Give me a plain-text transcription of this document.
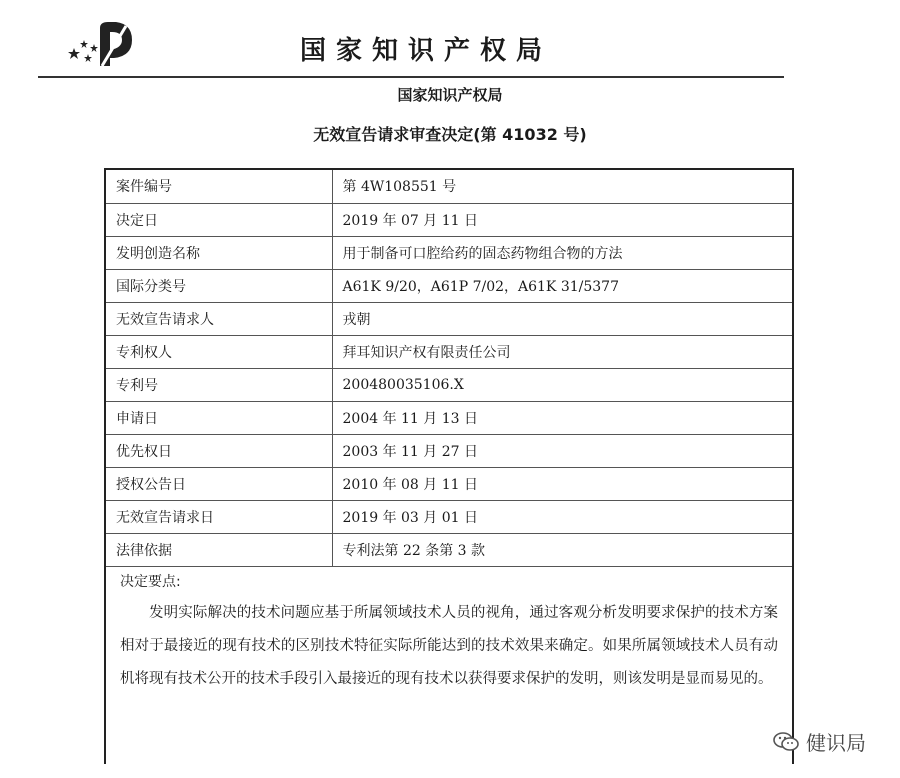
国家知识产权局
国家知识产权局
无效宣告请求审查决定(第 41032 号)
案件编号	第 4W108551 号
决定日	2019 年 07 月 11 日
发明创造名称	用于制备可口腔给药的固态药物组合物的方法
国际分类号	A61K 9/20，A61P 7/02，A61K 31/5377
无效宣告请求人	戎朝
专利权人	拜耳知识产权有限责任公司
专利号	200480035106.X
申请日	2004 年 11 月 13 日
优先权日	2003 年 11 月 27 日
授权公告日	2010 年 08 月 11 日
无效宣告请求日	2019 年 03 月 01 日
法律依据	专利法第 22 条第 3 款
决定要点:
发明实际解决的技术问题应基于所属领域技术人员的视角，通过客观分析发明要求保护的技术方案相对于最接近的现有技术的区别技术特征实际所能达到的技术效果来确定。如果所属领域技术人员有动机将现有技术公开的技术手段引入最接近的现有技术以获得要求保护的发明，则该发明是显而易见的。
健识局
